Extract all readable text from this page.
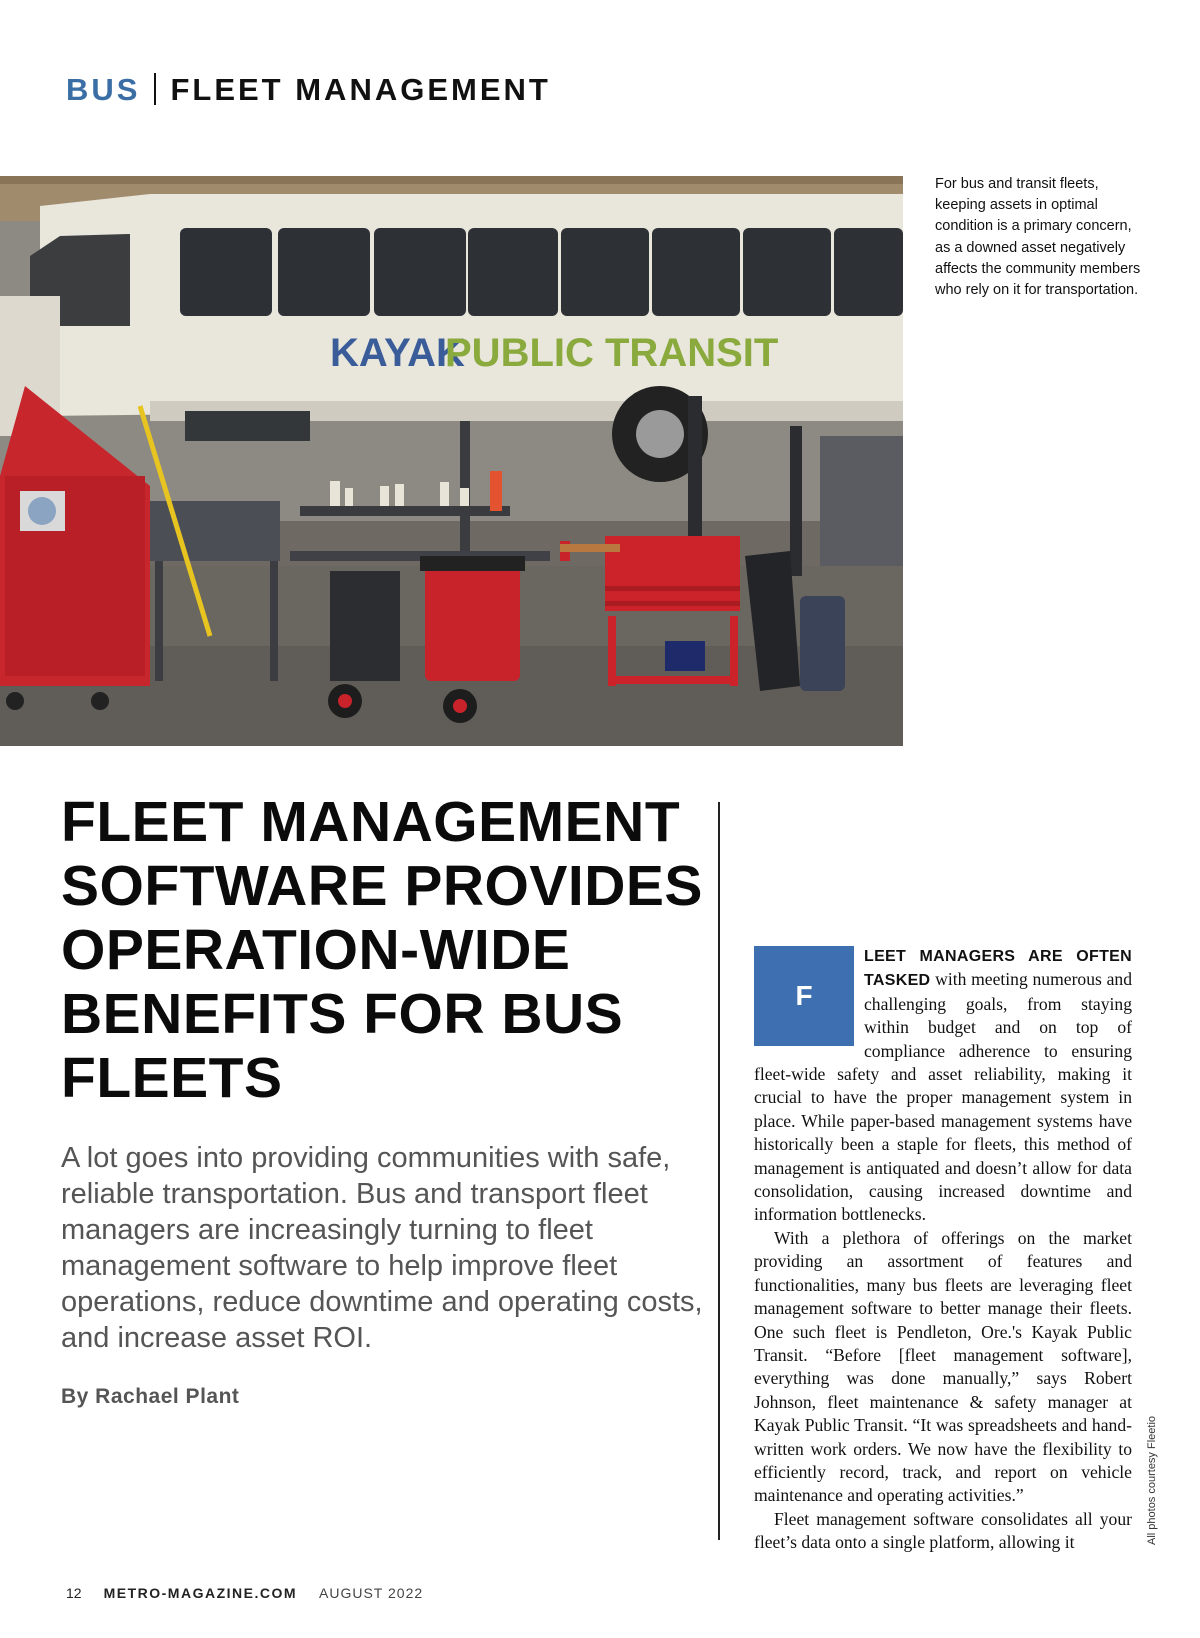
BUS FLEET MANAGEMENT
KAYAK
PUBLIC TRANSIT
For bus and transit fleets, keeping assets in optimal condition is a primary concern, as a downed asset negatively affects the community members who rely on it for transportation.
FLEET MANAGEMENT SOFTWARE PROVIDES OPERATION-WIDE BENEFITS FOR BUS FLEETS

A lot goes into providing communities with safe, reliable transportation. Bus and transport fleet managers are increasingly turning to fleet management software to help improve fleet operations, reduce downtime and operating costs, and increase asset ROI.

By Rachael Plant

F
LEET MANAGERS ARE OFTEN TASKED with meeting numerous and challenging goals, from staying within budget and on top of compliance adherence to ensuring fleet-wide safety and asset reliability, making it crucial to have the proper management system in place. While paper-based management systems have historically been a staple for fleets, this method of management is antiquated and doesn’t allow for data consolidation, causing increased downtime and information bottlenecks.

With a plethora of offerings on the market providing an assortment of features and functionalities, many bus fleets are leveraging fleet management software to better manage their fleets. One such fleet is Pendleton, Ore.'s Kayak Public Transit. “Before [fleet management software], everything was done manually,” says Robert Johnson, fleet maintenance & safety manager at Kayak Public Transit. “It was spreadsheets and hand-written work orders. We now have the flexibility to efficiently record, track, and report on vehicle maintenance and operating activities.”

Fleet management software consolidates all your fleet’s data onto a single platform, allowing it	All photos courtesy Fleetio
12 METRO-MAGAZINE.COM AUGUST 2022
